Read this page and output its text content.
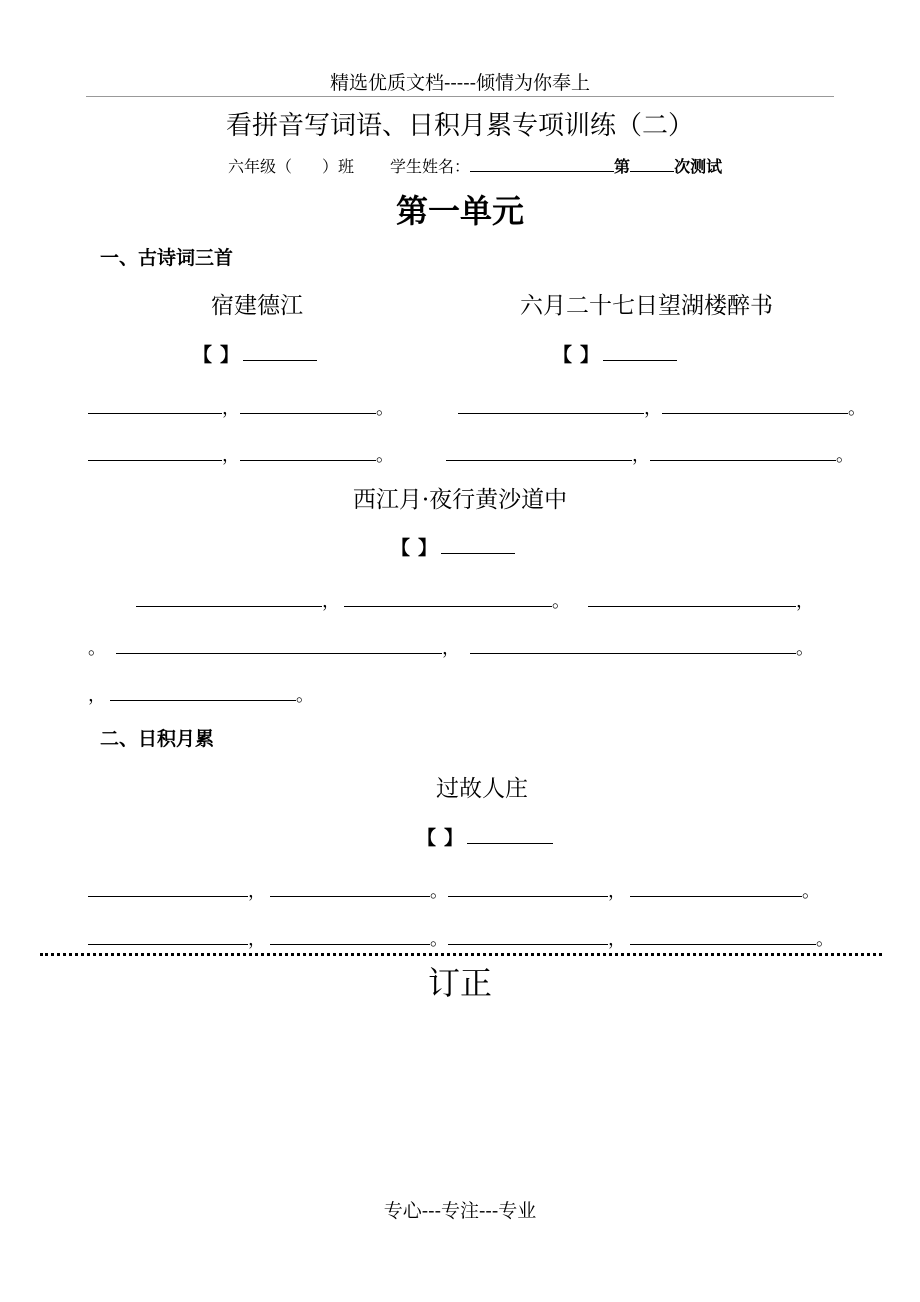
精选优质文档-----倾情为你奉上
看拼音写词语、日积月累专项训练（二）
六年级（ ）班 学生姓名：	第	次测试
第一单元
一、古诗词三首
宿建德江	六月二十七日望湖楼醉书
【 】	【 】
，	。
，	。
，	。
，	。
西江月·夜行黄沙道中
【 】
，	。	，
。	，	。
，	。
二、日积月累
过故人庄
【 】
，	。	，	。
，	。	，	。
订正
专心---专注---专业
